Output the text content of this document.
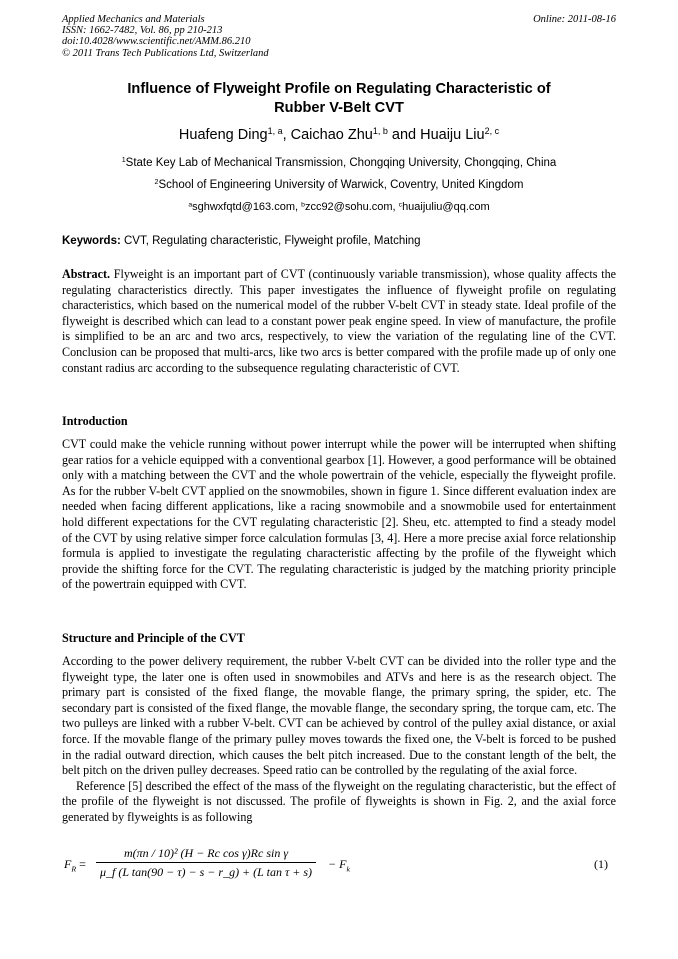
Applied Mechanics and Materials
ISSN: 1662-7482, Vol. 86, pp 210-213
doi:10.4028/www.scientific.net/AMM.86.210
© 2011 Trans Tech Publications Ltd, Switzerland
Online: 2011-08-16
Influence of Flyweight Profile on Regulating Characteristic of
Rubber V-Belt CVT
Huafeng Ding$^{1, a}$, Caichao Zhu$^{1, b}$ and Huaiju Liu$^{2, c}$
$^1$State Key Lab of Mechanical Transmission, Chongqing University, Chongqing, China
$^2$School of Engineering University of Warwick, Coventry, United Kingdom
$^a$sghwxfqtd@163.com, $^b$zcc92@sohu.com, $^c$huaijuliu@qq.com
Keywords: CVT, Regulating characteristic, Flyweight profile, Matching
Abstract. Flyweight is an important part of CVT (continuously variable transmission), whose quality affects the regulating characteristics directly. This paper investigates the influence of flyweight profile on regulating characteristics, which based on the numerical model of the rubber V-belt CVT in steady state. Ideal profile of the flyweight is described which can lead to a constant power peak engine speed. In view of manufacture, the profile is simplified to be an arc and two arcs, respectively, to view the variation of the regulating line of the CVT. Conclusion can be proposed that multi-arcs, like two arcs is better compared with the profile made up of only one constant radius arc according to the subsequence regulating characteristic of CVT.
Introduction
CVT could make the vehicle running without power interrupt while the power will be interrupted when shifting gear ratios for a vehicle equipped with a conventional gearbox [1]. However, a good performance will be obtained only with a matching between the CVT and the whole powertrain of the vehicle, especially the flyweight profile. As for the rubber V-belt CVT applied on the snowmobiles, shown in figure 1. Since different evaluation index are needed when facing different applications, like a racing snowmobile and a snowmobile used for entertainment hold different expectations for the CVT regulating characteristic [2]. Sheu, etc. attempted to find a steady model of the CVT by using relative simper force calculation formulas [3, 4]. Here a more precise axial force relationship formula is applied to investigate the regulating characteristic affecting by the profile of the flyweight which provide the shifting force for the CVT. The regulating characteristic is judged by the matching priority principle of the powertrain equipped with CVT.
Structure and Principle of the CVT
According to the power delivery requirement, the rubber V-belt CVT can be divided into the roller type and the flyweight type, the later one is often used in snowmobiles and ATVs and here is as the research object. The primary part is consisted of the fixed flange, the movable flange, the primary spring, the spider, etc. The secondary part is consisted of the fixed flange, the movable flange, the secondary spring, the torque cam, etc. The two pulleys are linked with a rubber V-belt. CVT can be achieved by control of the pulley axial distance, or axial force. If the movable flange of the primary pulley moves towards the fixed one, the V-belt is forced to be pushed in the radial outward direction, which causes the belt pitch increased. Due to the constant length of the belt, the belt pitch on the driven pulley decreases. Speed ratio can be controlled by the regulating of the axial force.
Reference [5] described the effect of the mass of the flyweight on the regulating characteristic, but the effect of the profile of the flyweight is not discussed. The profile of flyweights is shown in Fig. 2, and the axial force generated by flyweights is as following
$F_R = \frac{\text{m(πn / 10)² (H − Rc cos γ)Rc sin γ}}{\text{μ\_f (L tan(90 − τ) − s − r\_g) + (L tan τ + s)}} - F_k$	(1)
